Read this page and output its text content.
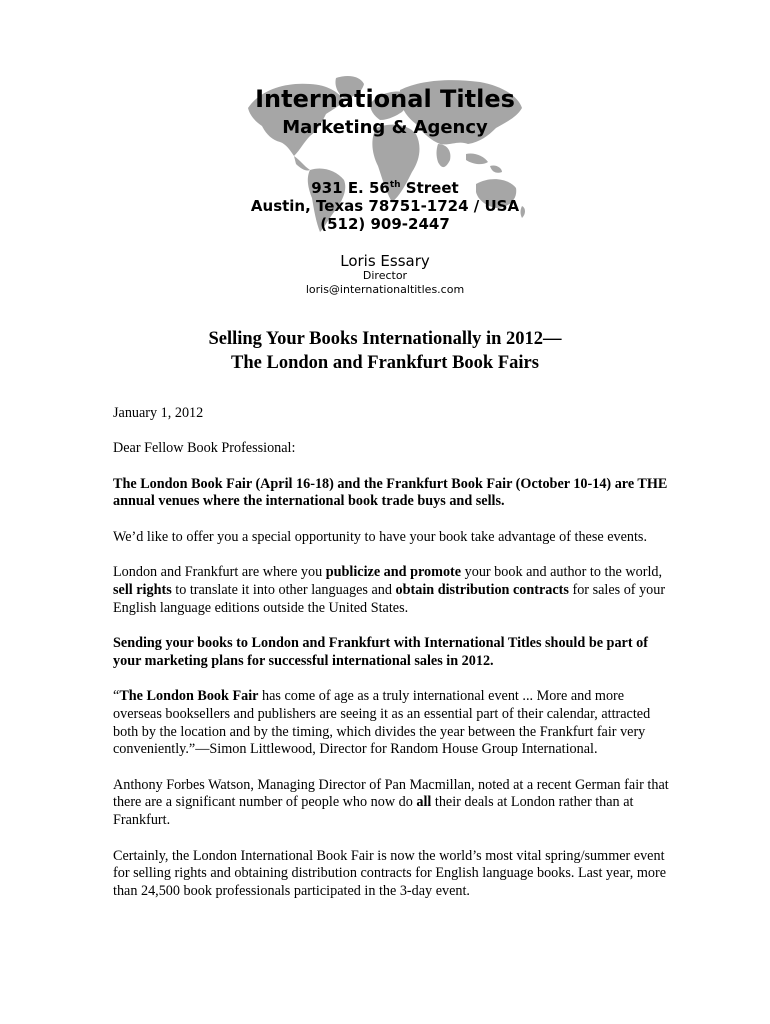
International Titles
Marketing & Agency
931 E. 56th Street
Austin, Texas 78751-1724 / USA
(512) 909-2447
Loris Essary
Director
loris@internationaltitles.com
Selling Your Books Internationally in 2012—
The London and Frankfurt Book Fairs

January 1, 2012

Dear Fellow Book Professional:

The London Book Fair (April 16-18) and the Frankfurt Book Fair (October 10-14) are THE annual venues where the international book trade buys and sells.

We’d like to offer you a special opportunity to have your book take advantage of these events.

London and Frankfurt are where you publicize and promote your book and author to the world, sell rights to translate it into other languages and obtain distribution contracts for sales of your English language editions outside the United States.

Sending your books to London and Frankfurt with International Titles should be part of your marketing plans for successful international sales in 2012.

“The London Book Fair has come of age as a truly international event ... More and more overseas booksellers and publishers are seeing it as an essential part of their calendar, attracted both by the location and by the timing, which divides the year between the Frankfurt fair very conveniently.”—Simon Littlewood, Director for Random House Group International.

Anthony Forbes Watson, Managing Director of Pan Macmillan, noted at a recent German fair that there are a significant number of people who now do all their deals at London rather than at Frankfurt.

Certainly, the London International Book Fair is now the world’s most vital spring/summer event for selling rights and obtaining distribution contracts for English language books. Last year, more than 24,500 book professionals participated in the 3-day event.
